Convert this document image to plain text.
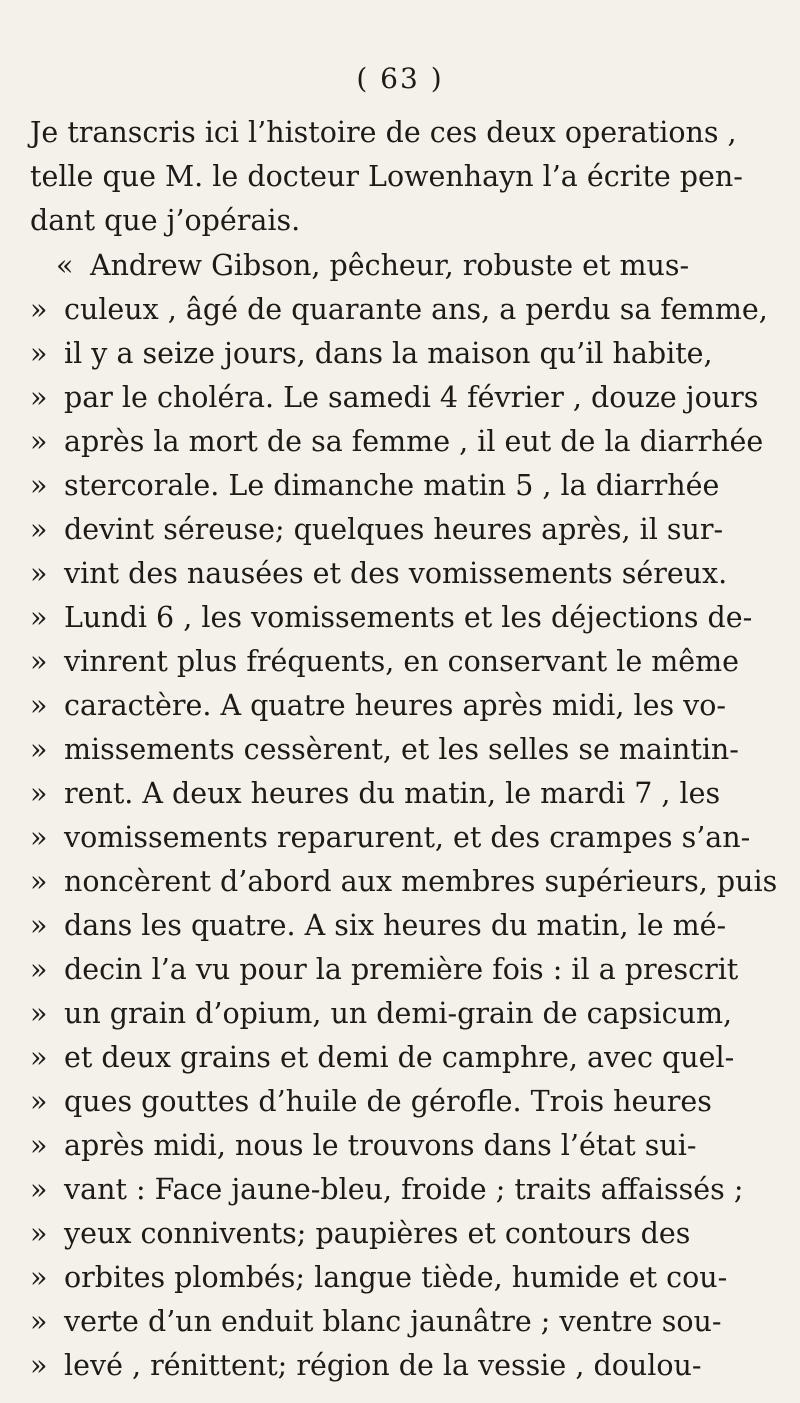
( 63 )
Je transcris ici l’histoire de ces deux operations ,
telle que M. le docteur Lowenhayn l’a écrite pen-
dant que j’opérais.
« Andrew Gibson, pêcheur, robuste et mus-
» culeux , âgé de quarante ans, a perdu sa femme,
» il y a seize jours, dans la maison qu’il habite,
» par le choléra. Le samedi 4 février , douze jours
» après la mort de sa femme , il eut de la diarrhée
» stercorale. Le dimanche matin 5 , la diarrhée
» devint séreuse; quelques heures après, il sur-
» vint des nausées et des vomissements séreux.
» Lundi 6 , les vomissements et les déjections de-
» vinrent plus fréquents, en conservant le même
» caractère. A quatre heures après midi, les vo-
» missements cessèrent, et les selles se maintin-
» rent. A deux heures du matin, le mardi 7 , les
» vomissements reparurent, et des crampes s’an-
» noncèrent d’abord aux membres supérieurs, puis
» dans les quatre. A six heures du matin, le mé-
» decin l’a vu pour la première fois : il a prescrit
» un grain d’opium, un demi-grain de capsicum,
» et deux grains et demi de camphre, avec quel-
» ques gouttes d’huile de gérofle. Trois heures
» après midi, nous le trouvons dans l’état sui-
» vant : Face jaune-bleu, froide ; traits affaissés ;
» yeux connivents; paupières et contours des
» orbites plombés; langue tiède, humide et cou-
» verte d’un enduit blanc jaunâtre ; ventre sou-
» levé , rénittent; région de la vessie , doulou-
